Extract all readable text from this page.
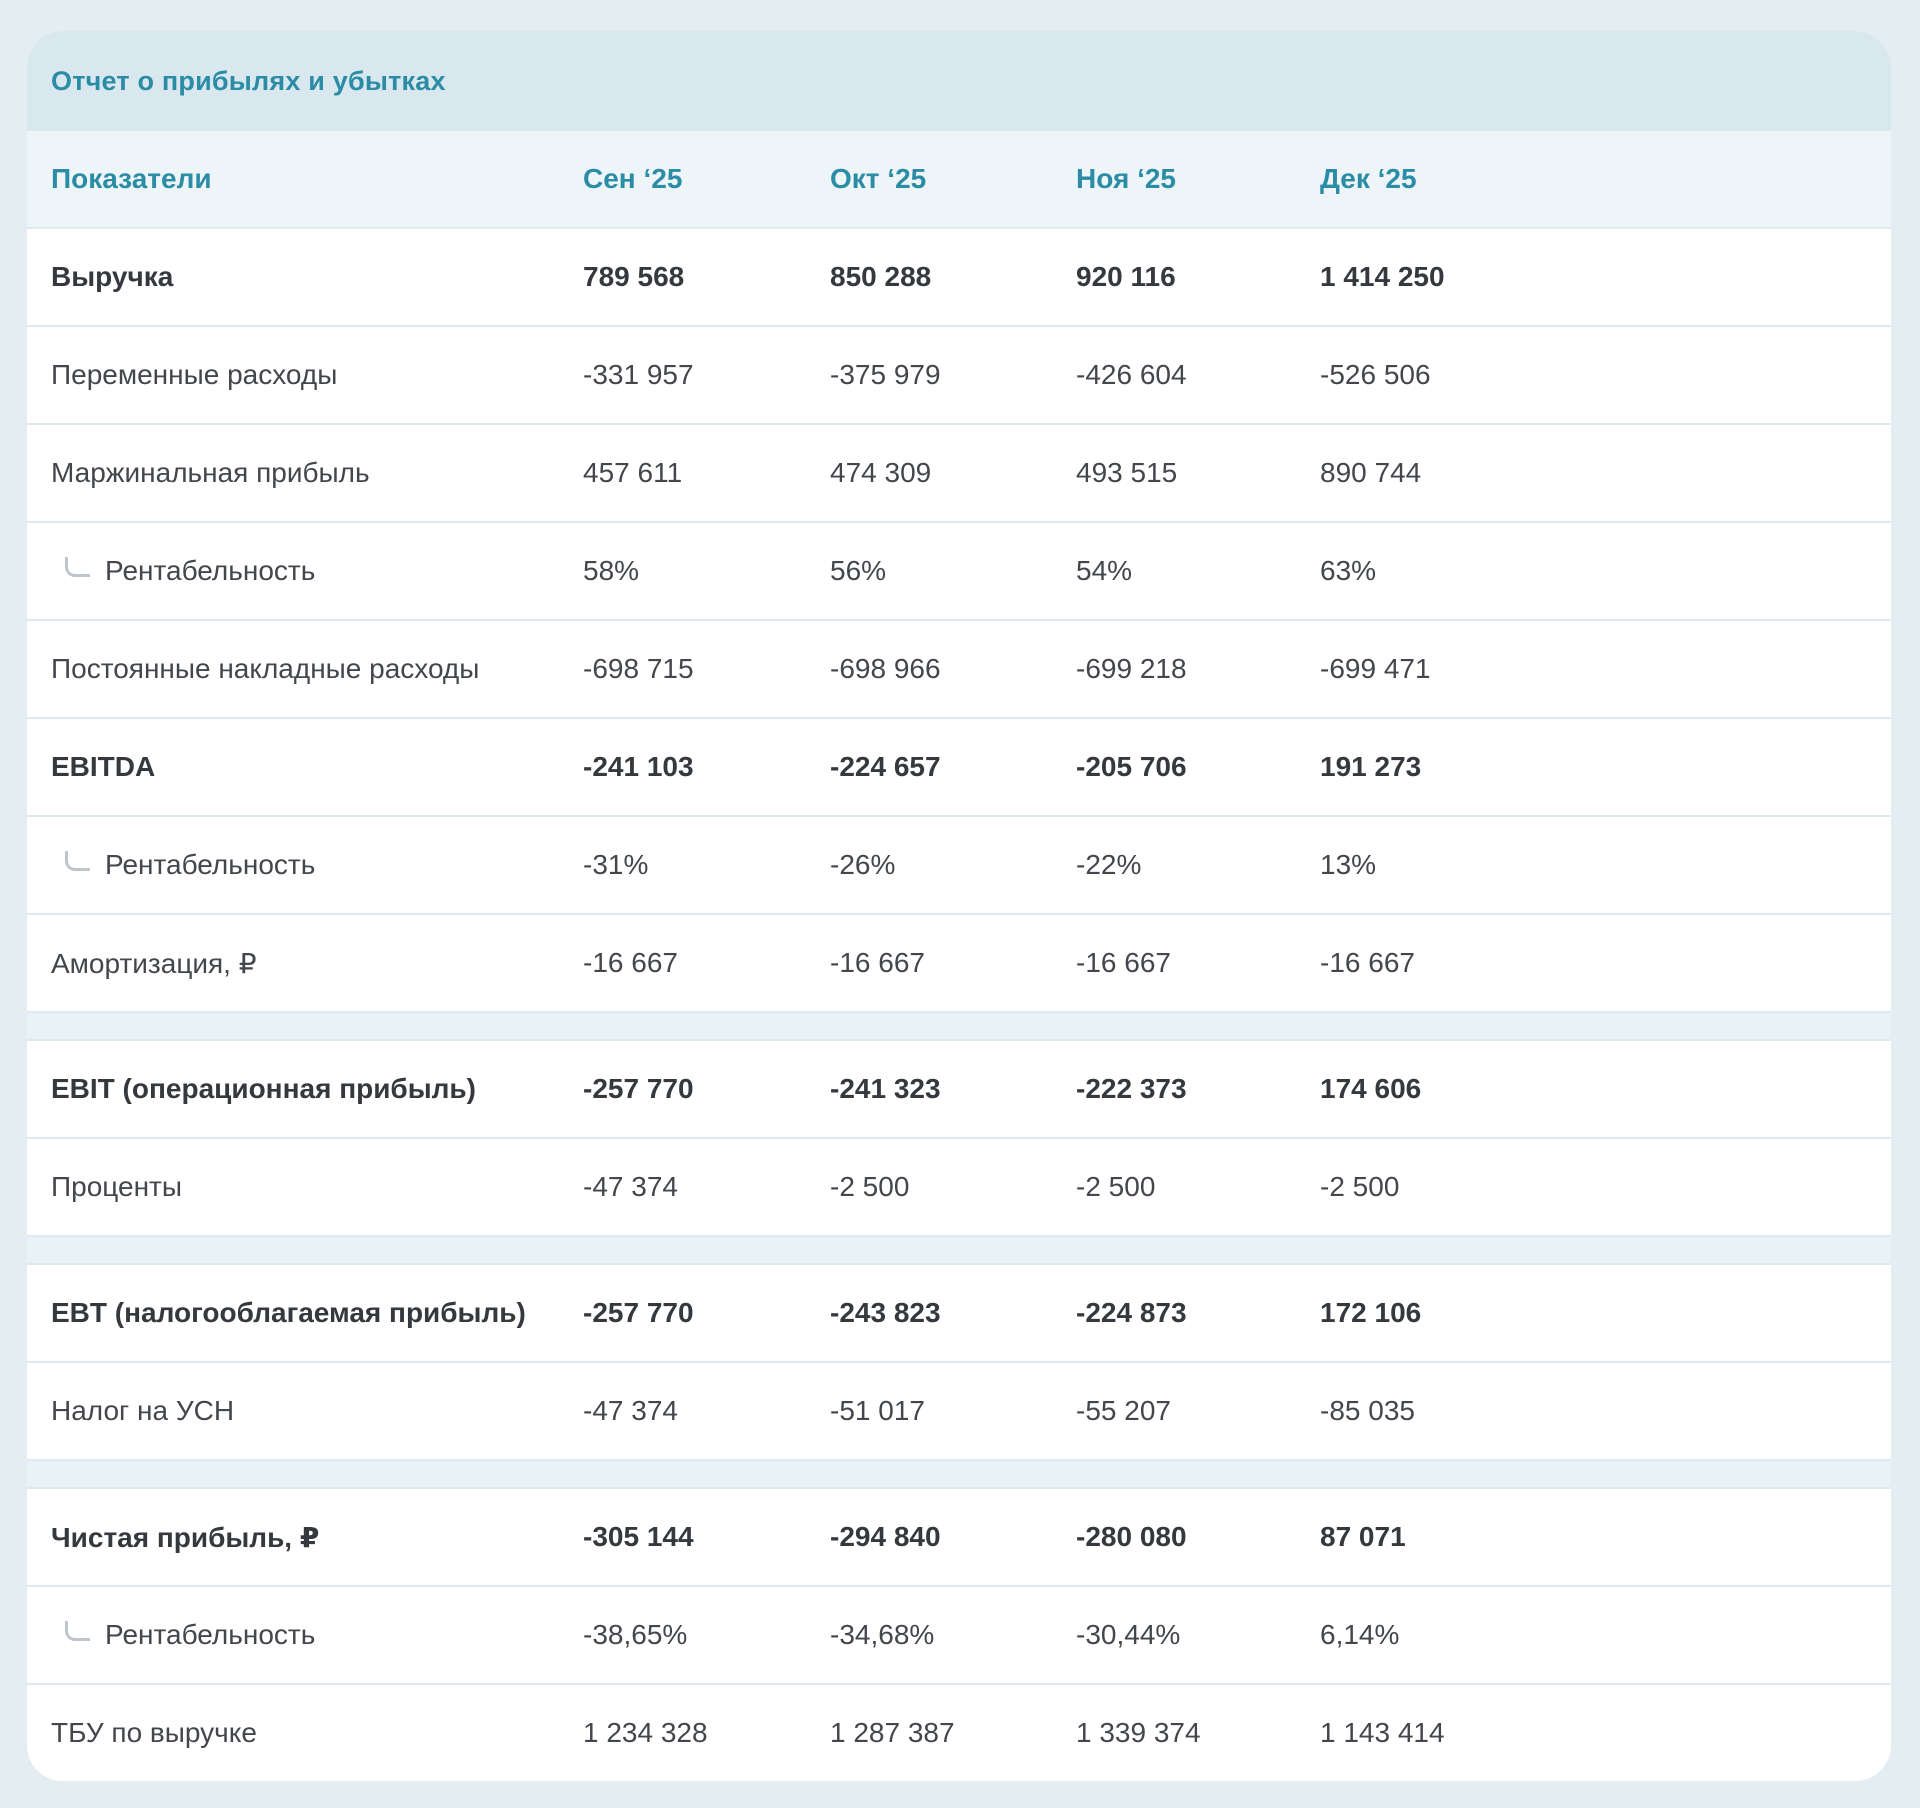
Отчет о прибылях и убытках
Показатели	Сен ‘25	Окт ‘25	Ноя ‘25	Дек ‘25
Выручка	789 568	850 288	920 116	1 414 250
Переменные расходы	-331 957	-375 979	-426 604	-526 506
Маржинальная прибыль	457 611	474 309	493 515	890 744
Рентабельность	58%	56%	54%	63%
Постоянные накладные расходы	-698 715	-698 966	-699 218	-699 471
EBITDA	-241 103	-224 657	-205 706	191 273
Рентабельность	-31%	-26%	-22%	13%
Амортизация, ₽	-16 667	-16 667	-16 667	-16 667
EBIT (операционная прибыль)	-257 770	-241 323	-222 373	174 606
Проценты	-47 374	-2 500	-2 500	-2 500
EBT (налогооблагаемая прибыль) -257 770	-243 823	-224 873	172 106
Налог на УСН	-47 374	-51 017	-55 207	-85 035
Чистая прибыль, ₽	-305 144	-294 840	-280 080	87 071
Рентабельность	-38,65%	-34,68%	-30,44%	6,14%
ТБУ по выручке	1 234 328	1 287 387	1 339 374	1 143 414
